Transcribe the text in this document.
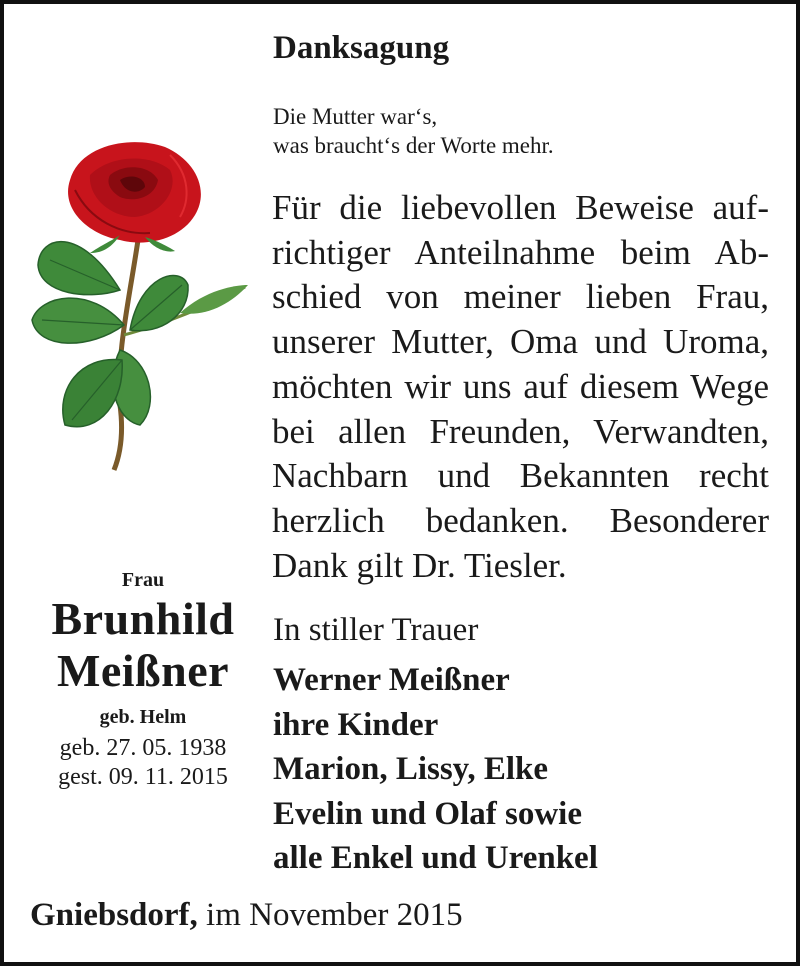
Danksagung
Die Mutter war‘s,
was braucht‘s der Worte mehr.
Für die liebevollen Beweise aufrichtiger Anteilnahme beim Abschied von meiner lieben Frau, unserer Mutter, Oma und Uroma, möchten wir uns auf diesem Wege bei allen Freunden, Verwandten, Nachbarn und Bekannten recht herzlich bedanken. Besonderer Dank gilt Dr. Tiesler.
Frau
Brunhild
Meißner
geb. Helm
geb. 27. 05. 1938
gest. 09. 11. 2015
In stiller Trauer
Werner Meißner
ihre Kinder
Marion, Lissy, Elke
Evelin und Olaf sowie
alle Enkel und Urenkel
Gniebsdorf, im November 2015
